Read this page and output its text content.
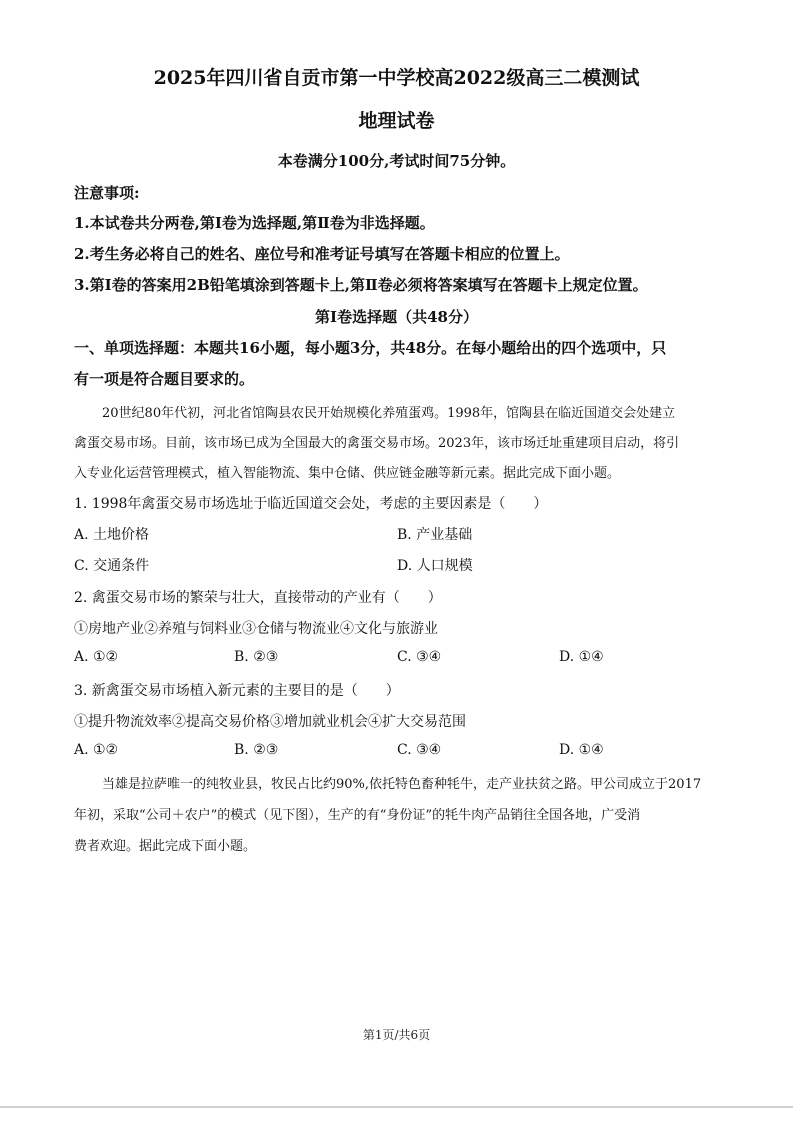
2025年四川省自贡市第一中学校高2022级高三二模测试
地理试卷
本卷满分100分,考试时间75分钟。
注意事项:
1.本试卷共分两卷,第Ⅰ卷为选择题,第Ⅱ卷为非选择题。
2.考生务必将自己的姓名、座位号和准考证号填写在答题卡相应的位置上。
3.第Ⅰ卷的答案用2B铅笔填涂到答题卡上,第Ⅱ卷必须将答案填写在答题卡上规定位置。
第Ⅰ卷选择题（共48分）
一、单项选择题：本题共16小题，每小题3分，共48分。在每小题给出的四个选项中，只
有一项是符合题目要求的。
20世纪80年代初，河北省馆陶县农民开始规模化养殖蛋鸡。1998年，馆陶县在临近国道交会处建立
禽蛋交易市场。目前，该市场已成为全国最大的禽蛋交易市场。2023年，该市场迁址重建项目启动，将引
入专业化运营管理模式，植入智能物流、集中仓储、供应链金融等新元素。据此完成下面小题。
1. 1998年禽蛋交易市场选址于临近国道交会处，考虑的主要因素是（　　）
A. 土地价格	B. 产业基础
C. 交通条件	D. 人口规模
2. 禽蛋交易市场的繁荣与壮大，直接带动的产业有（　　）
①房地产业②养殖与饲料业③仓储与物流业④文化与旅游业
A. ①②	B. ②③	C. ③④	D. ①④
3. 新禽蛋交易市场植入新元素的主要目的是（　　）
①提升物流效率②提高交易价格③增加就业机会④扩大交易范围
A. ①②	B. ②③	C. ③④	D. ①④
当雄是拉萨唯一的纯牧业县，牧民占比约90%,依托特色畜种牦牛，走产业扶贫之路。甲公司成立于2017
年初，采取“公司＋农户”的模式（见下图），生产的有“身份证”的牦牛肉产品销往全国各地，广受消
费者欢迎。据此完成下面小题。
第1页/共6页
